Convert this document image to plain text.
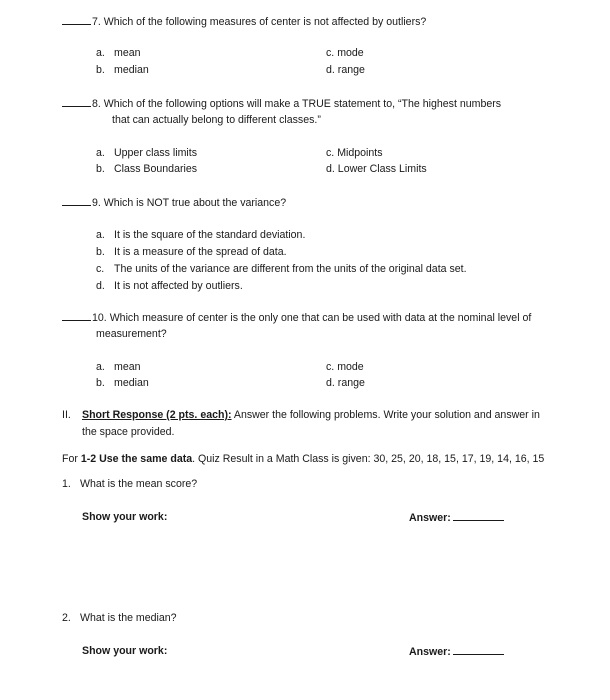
7. Which of the following measures of center is not affected by outliers?
a. mean
b. median
c. mode
d. range
8. Which of the following options will make a TRUE statement to, “The highest numbers
that can actually belong to different classes.”
a. Upper class limits
b. Class Boundaries
c. Midpoints
d. Lower Class Limits
9. Which is NOT true about the variance?
a. It is the square of the standard deviation.
b. It is a measure of the spread of data.
c. The units of the variance are different from the units of the original data set.
d. It is not affected by outliers.
10. Which measure of center is the only one that can be used with data at the nominal level of
measurement?
a. mean
b. median
c. mode
d. range
II. Short Response (2 pts. each): Answer the following problems. Write your solution and answer in
the space provided.
For 1-2 Use the same data. Quiz Result in a Math Class is given: 30, 25, 20, 18, 15, 17, 19, 14, 16, 15
1. What is the mean score?
Show your work:	Answer:
2. What is the median?
Show your work:	Answer:
